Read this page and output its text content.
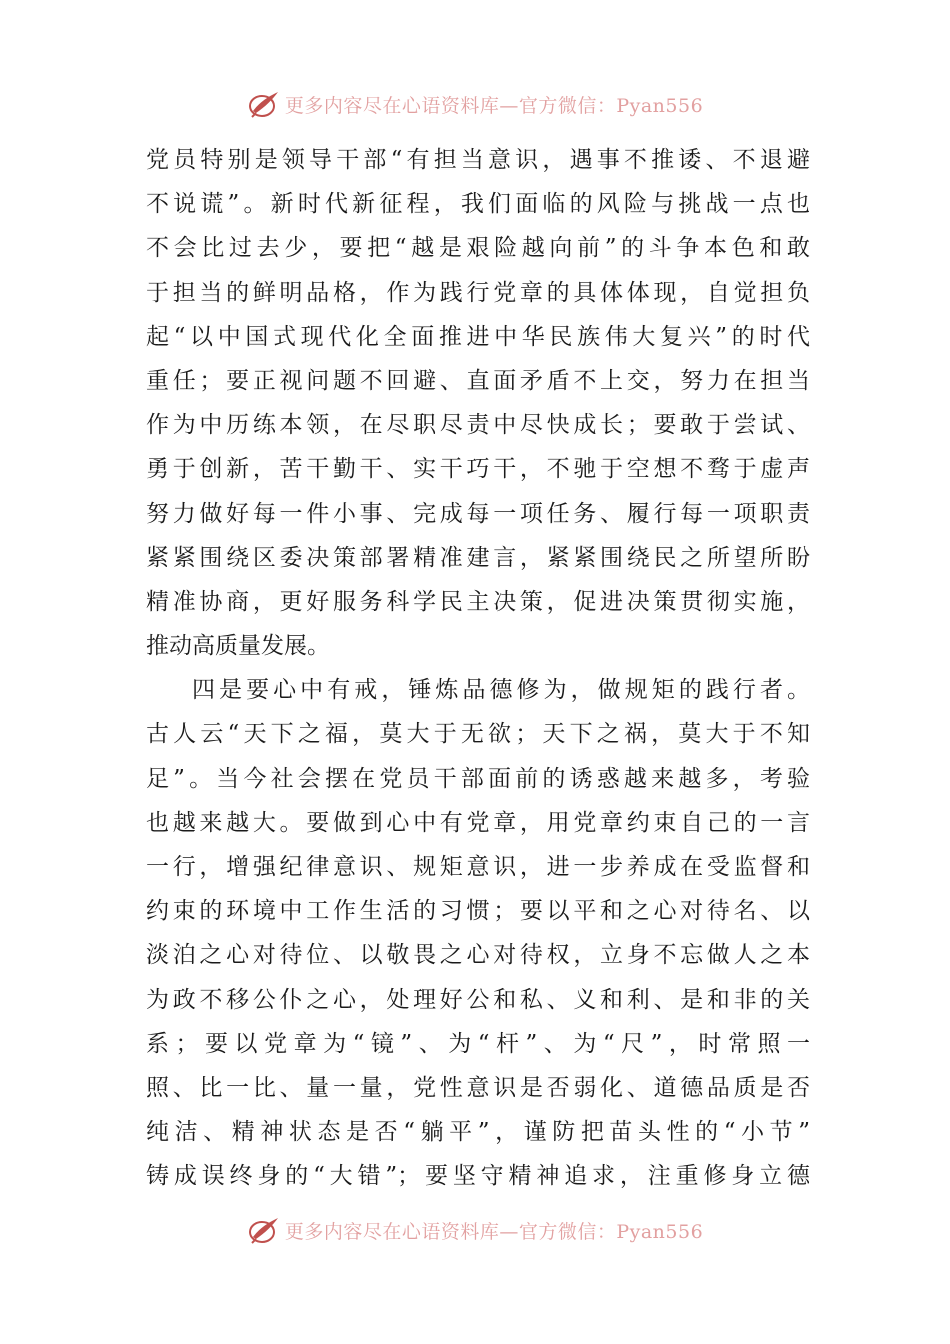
更多内容尽在心语资料库—官方微信：Pyan556
党员特别是领导干部“有担当意识，遇事不推诿、不退避
不说谎”。新时代新征程，我们面临的风险与挑战一点也
不会比过去少，要把“越是艰险越向前”的斗争本色和敢
于担当的鲜明品格，作为践行党章的具体体现，自觉担负
起“以中国式现代化全面推进中华民族伟大复兴”的时代
重任；要正视问题不回避、直面矛盾不上交，努力在担当
作为中历练本领，在尽职尽责中尽快成长；要敢于尝试、
勇于创新，苦干勤干、实干巧干，不驰于空想不骛于虚声
努力做好每一件小事、完成每一项任务、履行每一项职责
紧紧围绕区委决策部署精准建言，紧紧围绕民之所望所盼
精准协商，更好服务科学民主决策，促进决策贯彻实施，
推动高质量发展。
四是要心中有戒，锤炼品德修为，做规矩的践行者。
古人云“天下之福，莫大于无欲；天下之祸，莫大于不知
足”。当今社会摆在党员干部面前的诱惑越来越多，考验
也越来越大。要做到心中有党章，用党章约束自己的一言
一行，增强纪律意识、规矩意识，进一步养成在受监督和
约束的环境中工作生活的习惯；要以平和之心对待名、以
淡泊之心对待位、以敬畏之心对待权，立身不忘做人之本
为政不移公仆之心，处理好公和私、义和利、是和非的关
系；要以党章为“镜”、为“杆”、为“尺”，时常照一
照、比一比、量一量，党性意识是否弱化、道德品质是否
纯洁、精神状态是否“躺平”，谨防把苗头性的“小节”
铸成误终身的“大错”；要坚守精神追求，注重修身立德
更多内容尽在心语资料库—官方微信：Pyan556
